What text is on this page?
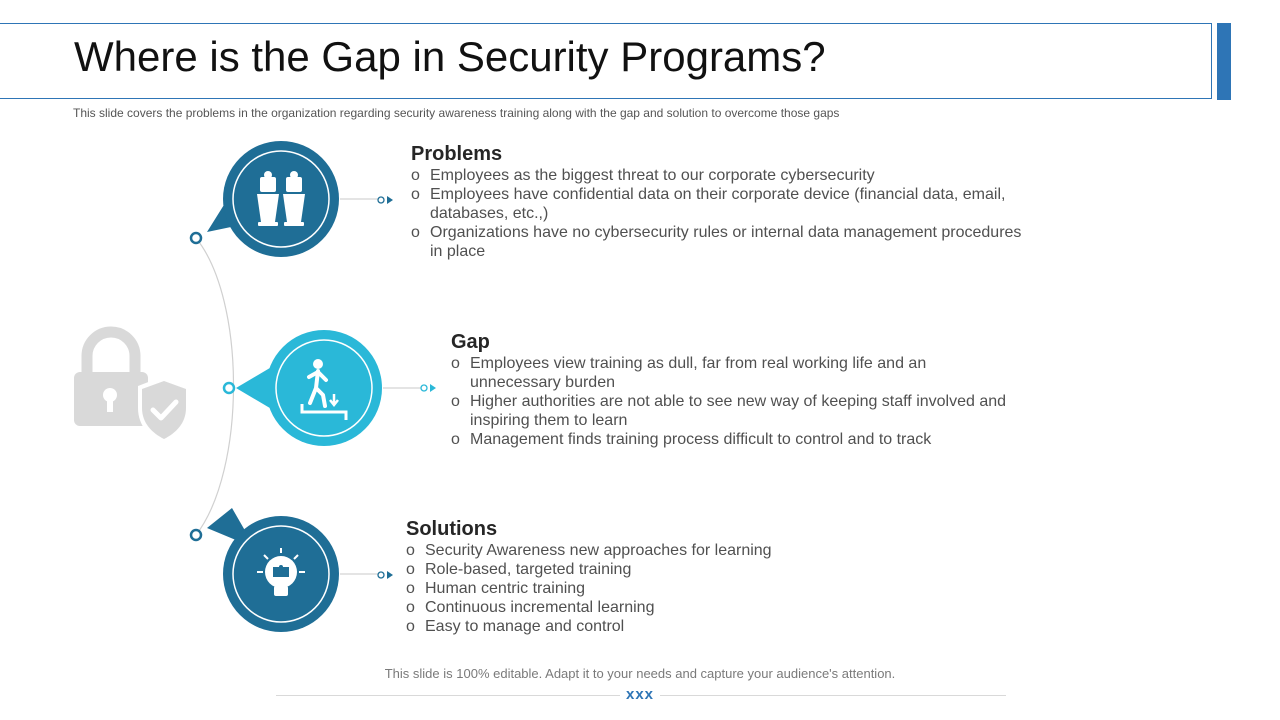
Where is the Gap in Security Programs?

This slide covers the problems in the organization regarding security awareness training along with the gap and solution to overcome those gaps

Problems
o Employees as the biggest threat to our corporate cybersecurity
o Employees have confidential data on their corporate device (financial data, email, databases, etc.,)
o Organizations have no cybersecurity rules or internal data management procedures in place
Gap
o Employees view training as dull, far from real working life and an unnecessary burden
o Higher authorities are not able to see new way of keeping staff involved and inspiring them to learn
o Management finds training process difficult to control and to track
Solutions
o Security Awareness new approaches for learning
o Role-based, targeted training
o Human centric training
o Continuous incremental learning
o Easy to manage and control

This slide is 100% editable. Adapt it to your needs and capture your audience's attention.

xxx
